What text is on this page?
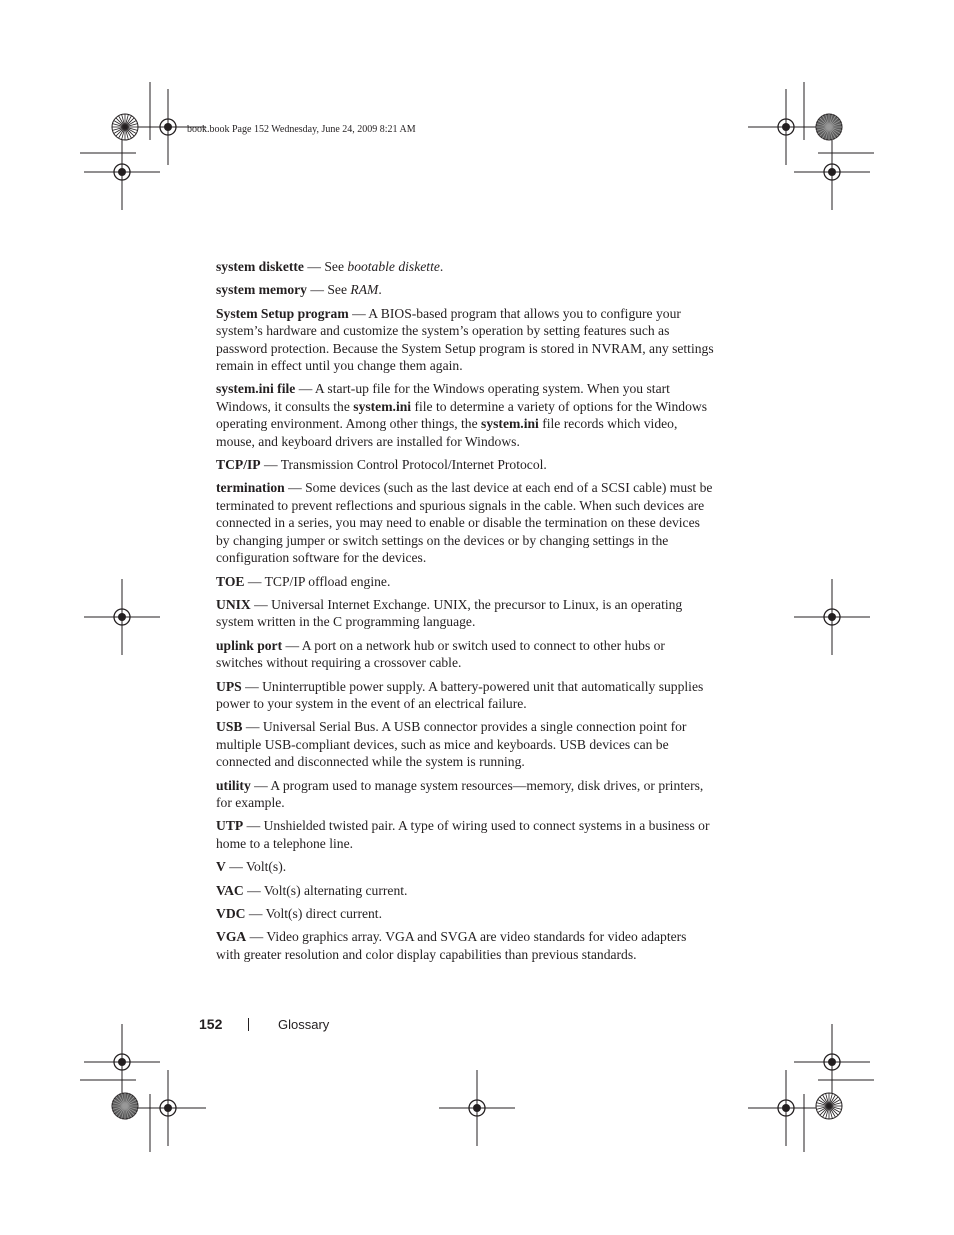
book.book Page 152 Wednesday, June 24, 2009 8:21 AM

system diskette — See bootable diskette.

system memory — See RAM.

System Setup program — A BIOS-based program that allows you to configure your system’s hardware and customize the system’s operation by setting features such as password protection. Because the System Setup program is stored in NVRAM, any settings remain in effect until you change them again.

system.ini file — A start-up file for the Windows operating system. When you start Windows, it consults the system.ini file to determine a variety of options for the Windows operating environment. Among other things, the system.ini file records which video, mouse, and keyboard drivers are installed for Windows.

TCP/IP — Transmission Control Protocol/Internet Protocol.

termination — Some devices (such as the last device at each end of a SCSI cable) must be terminated to prevent reflections and spurious signals in the cable. When such devices are connected in a series, you may need to enable or disable the termination on these devices by changing jumper or switch settings on the devices or by changing settings in the configuration software for the devices.

TOE — TCP/IP offload engine.

UNIX — Universal Internet Exchange. UNIX, the precursor to Linux, is an operating system written in the C programming language.

uplink port — A port on a network hub or switch used to connect to other hubs or switches without requiring a crossover cable.

UPS — Uninterruptible power supply. A battery-powered unit that automatically supplies power to your system in the event of an electrical failure.

USB — Universal Serial Bus. A USB connector provides a single connection point for multiple USB-compliant devices, such as mice and keyboards. USB devices can be connected and disconnected while the system is running.

utility — A program used to manage system resources—memory, disk drives, or printers, for example.

UTP — Unshielded twisted pair. A type of wiring used to connect systems in a business or home to a telephone line.

V — Volt(s).

VAC — Volt(s) alternating current.

VDC — Volt(s) direct current.

VGA — Video graphics array. VGA and SVGA are video standards for video adapters with greater resolution and color display capabilities than previous standards.

152	Glossary
